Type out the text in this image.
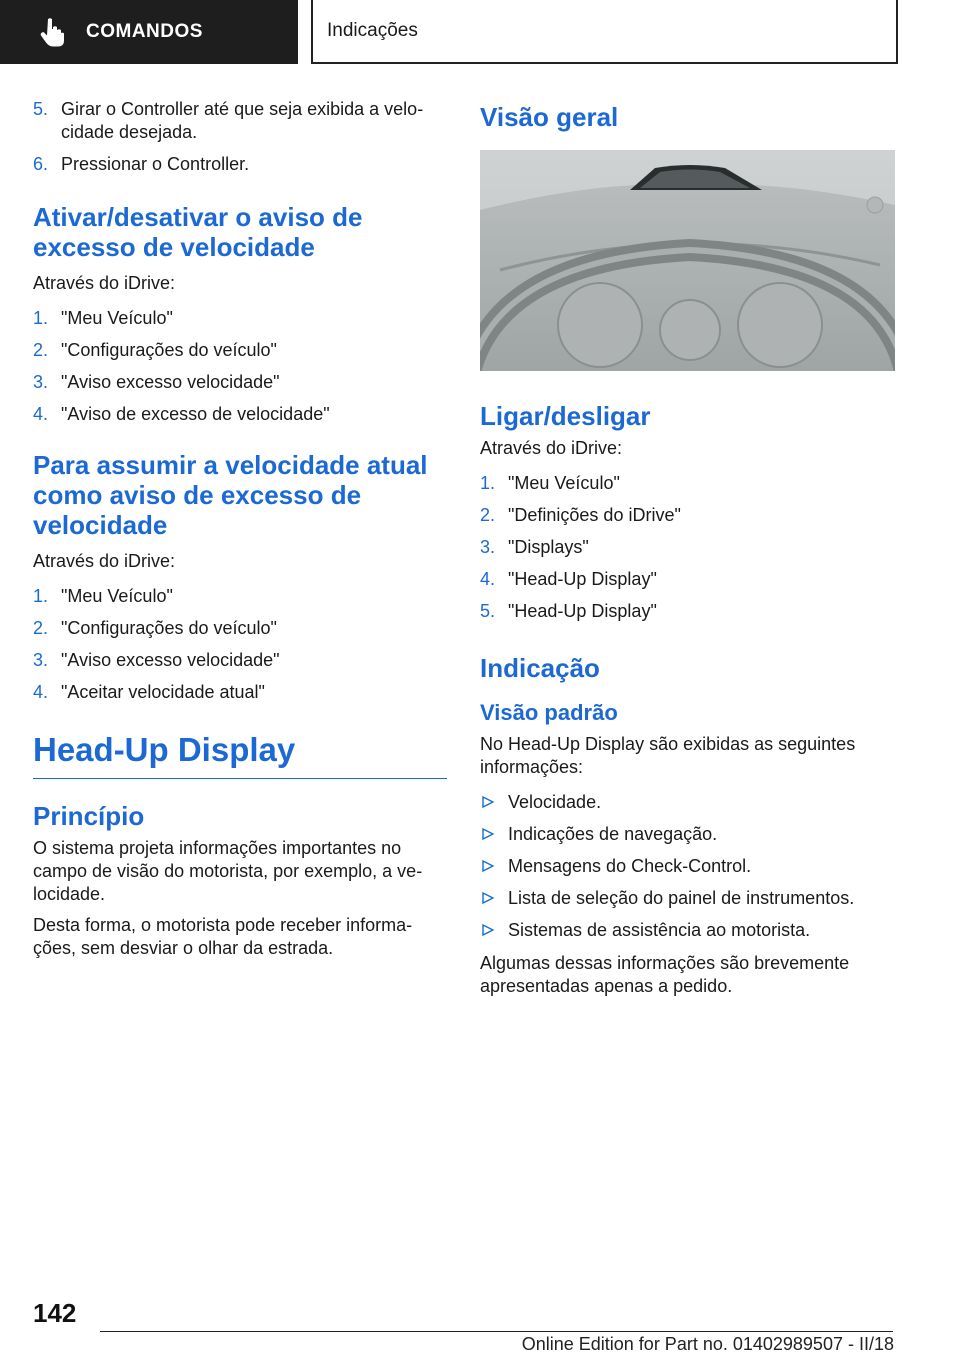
COMANDOS	Indicações
5. Girar o Controller até que seja exibida a velo‐cidade desejada.
6. Pressionar o Controller.
Ativar/desativar o aviso de excesso de velocidade

Através do iDrive:

1. "Meu Veículo"
2. "Configurações do veículo"
3. "Aviso excesso velocidade"
4. "Aviso de excesso de velocidade"
Para assumir a velocidade atual como aviso de excesso de velocidade

Através do iDrive:

1. "Meu Veículo"
2. "Configurações do veículo"
3. "Aviso excesso velocidade"
4. "Aceitar velocidade atual"
Head-Up Display
Princípio

O sistema projeta informações importantes no campo de visão do motorista, por exemplo, a ve‐locidade.

Desta forma, o motorista pode receber informa‐ções, sem desviar o olhar da estrada.

Visão geral
Ligar/desligar

Através do iDrive:

1. "Meu Veículo"
2. "Definições do iDrive"
3. "Displays"
4. "Head-Up Display"
5. "Head-Up Display"
Indicação
Visão padrão

No Head-Up Display são exibidas as seguintes informações:

Velocidade.
Indicações de navegação.
Mensagens do Check-Control.
Lista de seleção do painel de instrumentos.
Sistemas de assistência ao motorista.

Algumas dessas informações são brevemente apresentadas apenas a pedido.

142
Online Edition for Part no. 01402989507 - II/18
